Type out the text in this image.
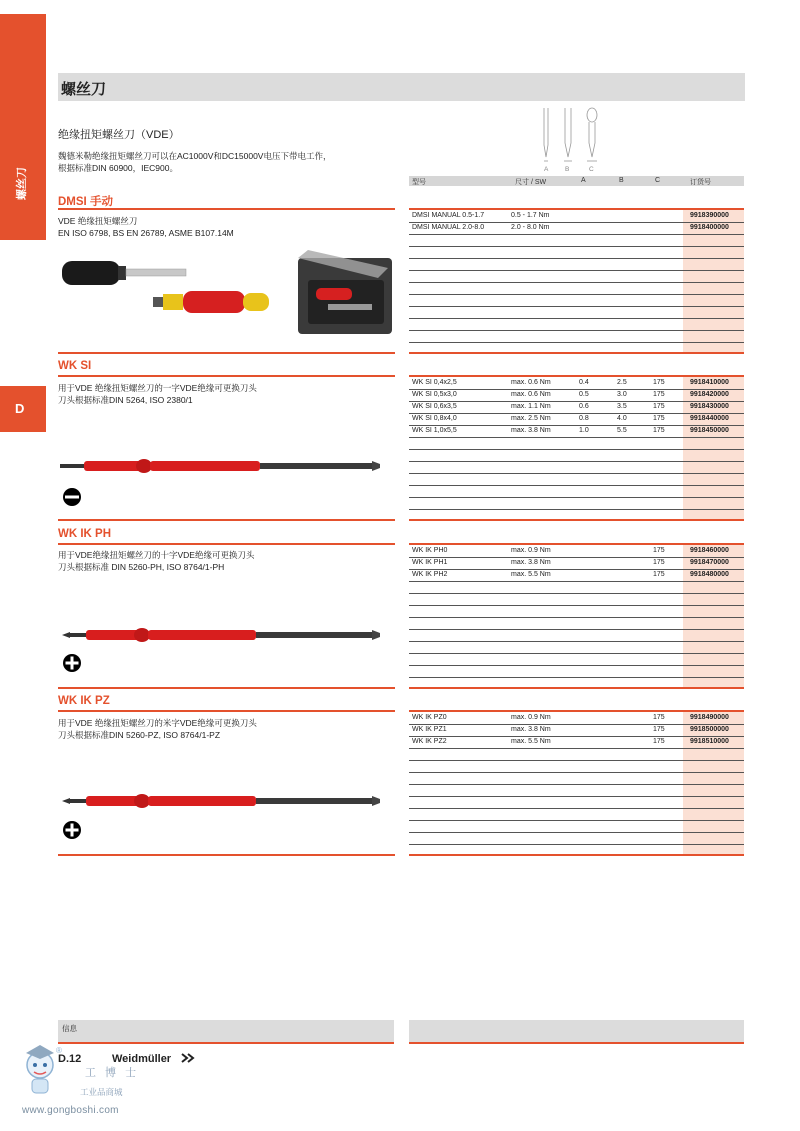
螺丝刀
D
螺丝刀
绝缘扭矩螺丝刀（VDE）
魏德米勒绝缘扭矩螺丝刀可以在AC1000V和DC15000V电压下带电工作，
根据标准DIN 60900，IEC900。	A	B	C
型号	尺寸 / SW	A	B	C	订货号
DMSI 手动
VDE 绝缘扭矩螺丝刀
EN ISO 6798, BS EN 26789, ASME B107.14M
DMSI MANUAL 0.5-1.7	0.5 - 1.7 Nm	9918390000
DMSI MANUAL 2.0-8.0	2.0 - 8.0 Nm	9918400000
WK SI
用于VDE 绝缘扭矩螺丝刀的一字VDE绝缘可更换刀头
刀头根据标准DIN 5264, ISO 2380/1
WK SI 0,4x2,5	max. 0.6 Nm	0.4	2.5	175	9918410000
WK SI 0,5x3,0	max. 0.6 Nm	0.5	3.0	175	9918420000
WK SI 0,6x3,5	max. 1.1 Nm	0.6	3.5	175	9918430000
WK SI 0,8x4,0	max. 2.5 Nm	0.8	4.0	175	9918440000
WK SI 1,0x5,5	max. 3.8 Nm	1.0	5.5	175	9918450000
WK IK PH
用于VDE绝缘扭矩螺丝刀的十字VDE绝缘可更换刀头
刀头根据标准 DIN 5260-PH, ISO 8764/1-PH
WK IK PH0	max. 0.9 Nm	175	9918460000
WK IK PH1	max. 3.8 Nm	175	9918470000
WK IK PH2	max. 5.5 Nm	175	9918480000
WK IK PZ
用于VDE 绝缘扭矩螺丝刀的米字VDE绝缘可更换刀头
刀头根据标准DIN 5260-PZ, ISO 8764/1-PZ
WK IK PZ0	max. 0.9 Nm	175	9918490000
WK IK PZ1	max. 3.8 Nm	175	9918500000
WK IK PZ2	max. 5.5 Nm	175	9918510000
信息
D.12	Weidmüller
®
工 博 士
工业品商城
www.gongboshi.com
